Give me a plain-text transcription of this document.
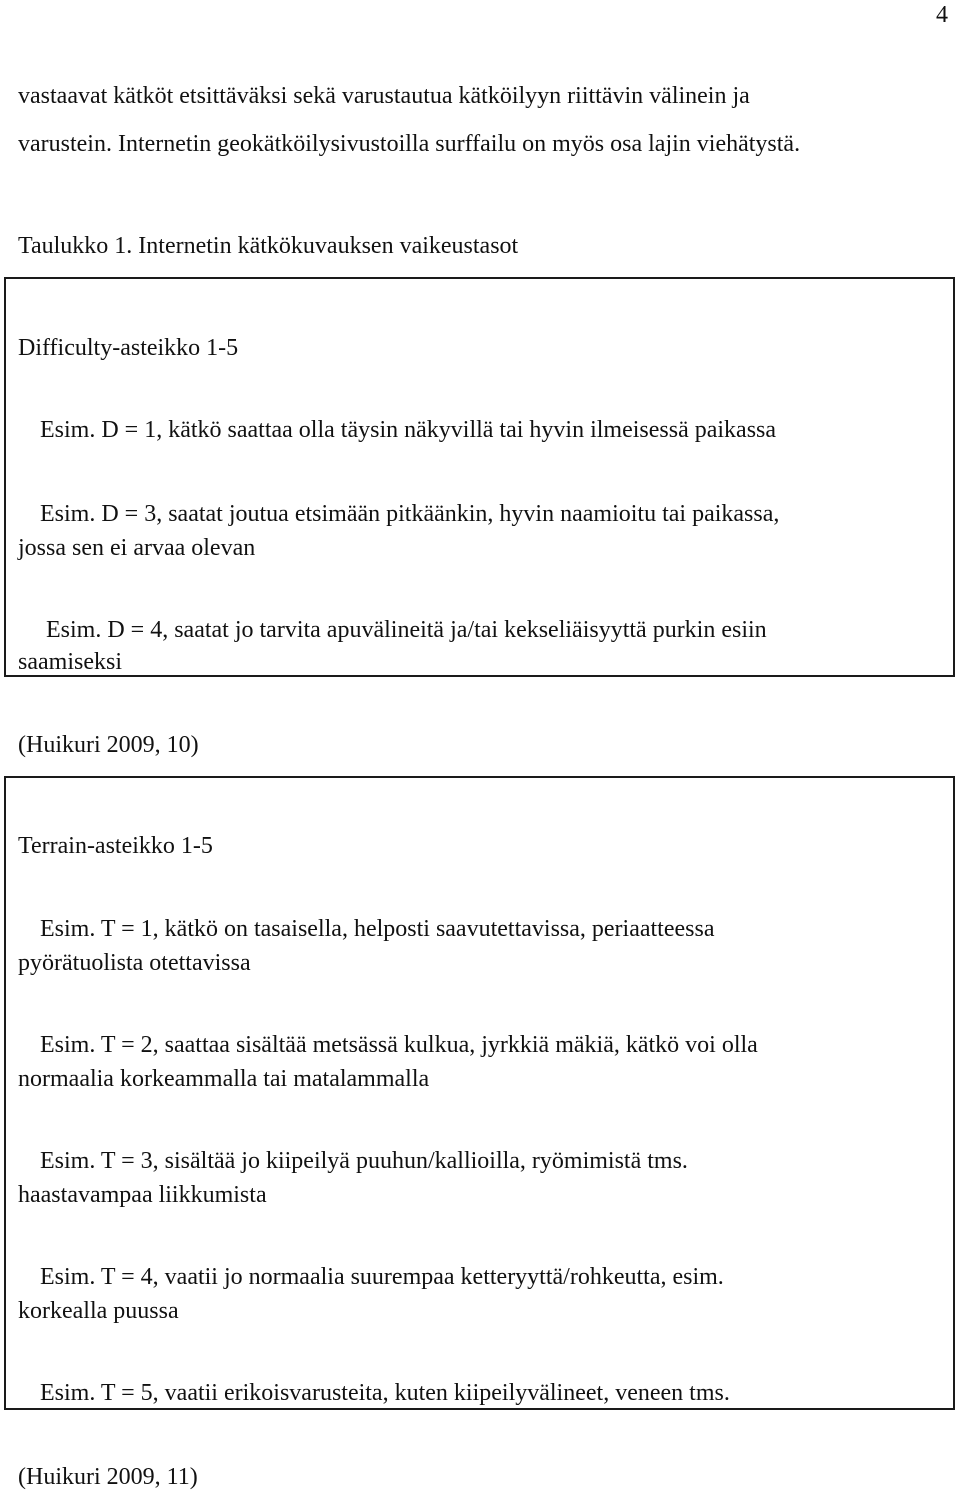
4

vastaavat kätköt etsittäväksi sekä varustautua kätköilyyn riittävin välinein ja

varustein. Internetin geokätköilysivustoilla surffailu on myös osa lajin viehätystä.

Taulukko 1. Internetin kätkökuvauksen vaikeustasot

Difficulty-asteikko 1-5

Esim. D = 1, kätkö saattaa olla täysin näkyvillä tai hyvin ilmeisessä paikassa

Esim. D = 3, saatat joutua etsimään pitkäänkin, hyvin naamioitu tai paikassa,

jossa sen ei arvaa olevan

Esim. D = 4, saatat jo tarvita apuvälineitä ja/tai kekseliäisyyttä purkin esiin

saamiseksi

(Huikuri 2009, 10)

Terrain-asteikko 1-5

Esim. T = 1, kätkö on tasaisella, helposti saavutettavissa, periaatteessa

pyörätuolista otettavissa

Esim. T = 2, saattaa sisältää metsässä kulkua, jyrkkiä mäkiä, kätkö voi olla

normaalia korkeammalla tai matalammalla

Esim. T = 3, sisältää jo kiipeilyä puuhun/kallioilla, ryömimistä tms.

haastavampaa liikkumista

Esim. T = 4, vaatii jo normaalia suurempaa ketteryyttä/rohkeutta, esim.

korkealla puussa

Esim. T = 5, vaatii erikoisvarusteita, kuten kiipeilyvälineet, veneen tms.

(Huikuri 2009, 11)
